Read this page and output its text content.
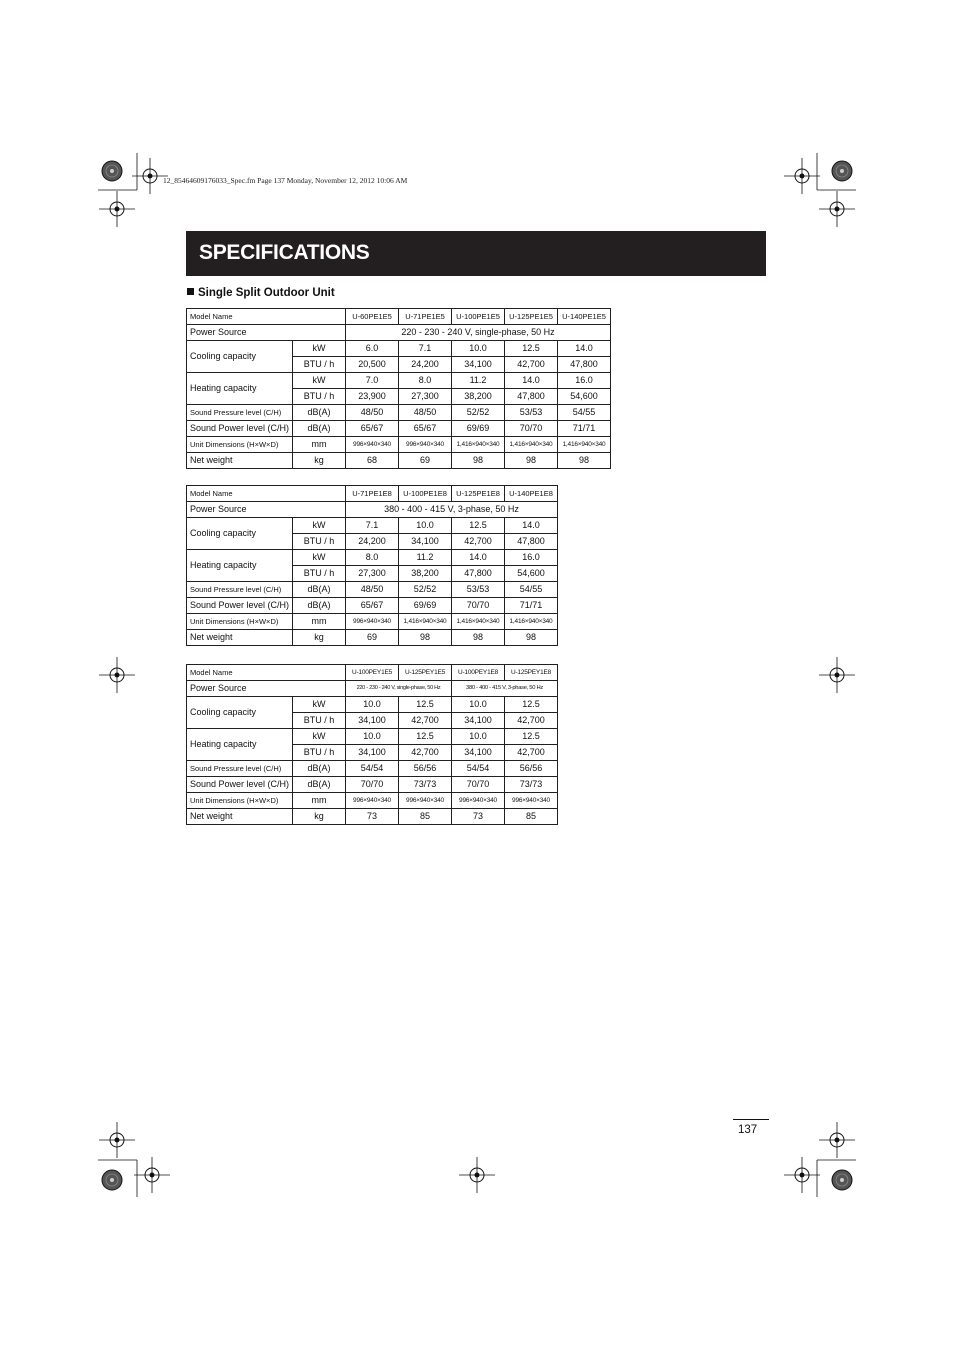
12_85464609176033_Spec.fm Page 137 Monday, November 12, 2012 10:06 AM
SPECIFICATIONS
Single Split Outdoor Unit
Model Name		U-60PE1E5	U-71PE1E5	U-100PE1E5	U-125PE1E5	U-140PE1E5
Power Source		220 - 230 - 240 V, single-phase, 50 Hz				
Cooling capacity	kW	6.0	7.1	10.0	12.5	14.0
	BTU / h	20,500	24,200	34,100	42,700	47,800
Heating capacity	kW	7.0	8.0	11.2	14.0	16.0
	BTU / h	23,900	27,300	38,200	47,800	54,600
Sound Pressure level (C/H)	dB(A)	48/50	48/50	52/52	53/53	54/55
Sound Power level (C/H)	dB(A)	65/67	65/67	69/69	70/70	71/71
Unit Dimensions (H×W×D)	mm	996×940×340	996×940×340	1,416×940×340	1,416×940×340	1,416×940×340
Net weight	kg	68	69	98	98	98
Model Name		U-71PE1E8	U-100PE1E8	U-125PE1E8	U-140PE1E8
Power Source		380 - 400 - 415 V, 3-phase, 50 Hz			
Cooling capacity	kW	7.1	10.0	12.5	14.0
	BTU / h	24,200	34,100	42,700	47,800
Heating capacity	kW	8.0	11.2	14.0	16.0
	BTU / h	27,300	38,200	47,800	54,600
Sound Pressure level (C/H)	dB(A)	48/50	52/52	53/53	54/55
Sound Power level (C/H)	dB(A)	65/67	69/69	70/70	71/71
Unit Dimensions (H×W×D)	mm	996×940×340	1,416×940×340	1,416×940×340	1,416×940×340
Net weight	kg	69	98	98	98
Model Name		U-100PEY1E5	U-125PEY1E5	U-100PEY1E8	U-125PEY1E8
Power Source		220 - 230 - 240 V, single-phase, 50 Hz		380 - 400 - 415 V, 3-phase, 50 Hz	
Cooling capacity	kW	10.0	12.5	10.0	12.5
	BTU / h	34,100	42,700	34,100	42,700
Heating capacity	kW	10.0	12.5	10.0	12.5
	BTU / h	34,100	42,700	34,100	42,700
Sound Pressure level (C/H)	dB(A)	54/54	56/56	54/54	56/56
Sound Power level (C/H)	dB(A)	70/70	73/73	70/70	73/73
Unit Dimensions (H×W×D)	mm	996×940×340	996×940×340	996×940×340	996×940×340
Net weight	kg	73	85	73	85
137
